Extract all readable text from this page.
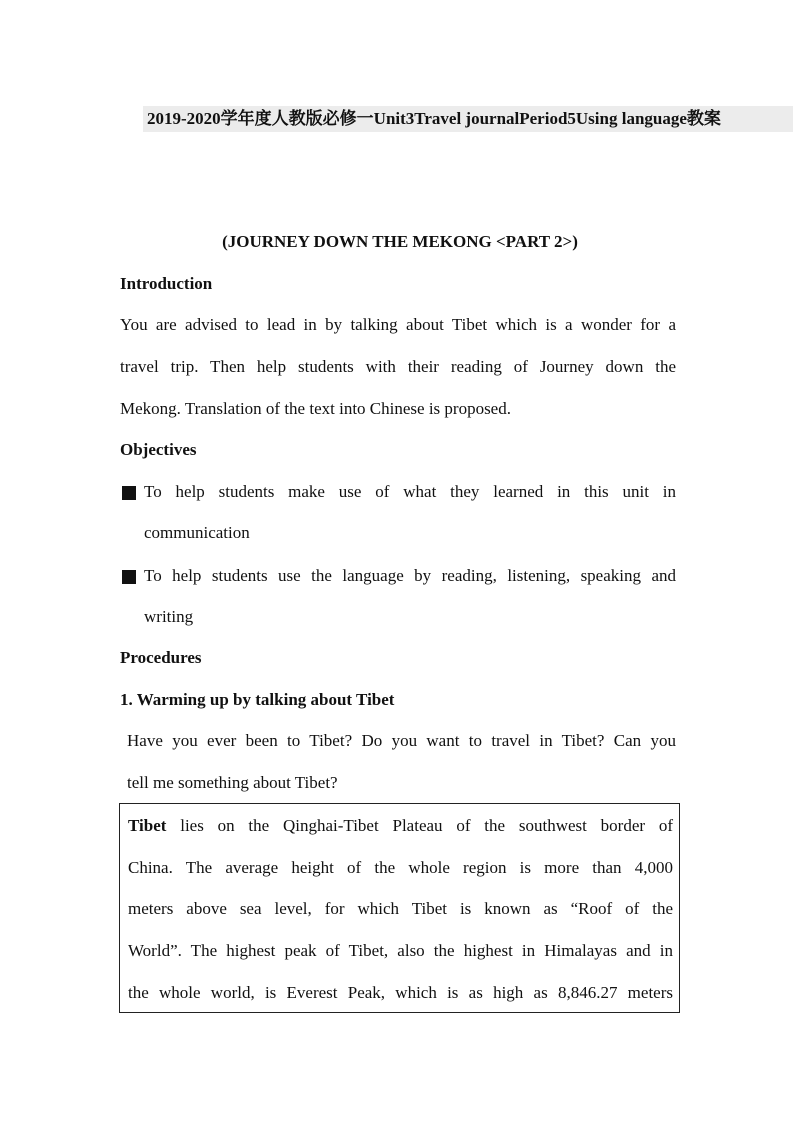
2019-2020学年度人教版必修一Unit3Travel journalPeriod5Using language教案
(JOURNEY DOWN THE MEKONG <PART 2>)
Introduction
You are advised to lead in by talking about Tibet which is a wonder for a
travel trip. Then help students with their reading of Journey down the
Mekong. Translation of the text into Chinese is proposed.
Objectives
To help students make use of what they learned in this unit in
communication
To help students use the language by reading, listening, speaking and
writing
Procedures
1. Warming up by talking about Tibet
Have you ever been to Tibet? Do you want to travel in Tibet? Can you
tell me something about Tibet?
Tibet lies on the Qinghai-Tibet Plateau of the southwest border of
China. The average height of the whole region is more than 4,000
meters above sea level, for which Tibet is known as “Roof of the
World”. The highest peak of Tibet, also the highest in Himalayas and in
the whole world, is Everest Peak, which is as high as 8,846.27 meters
